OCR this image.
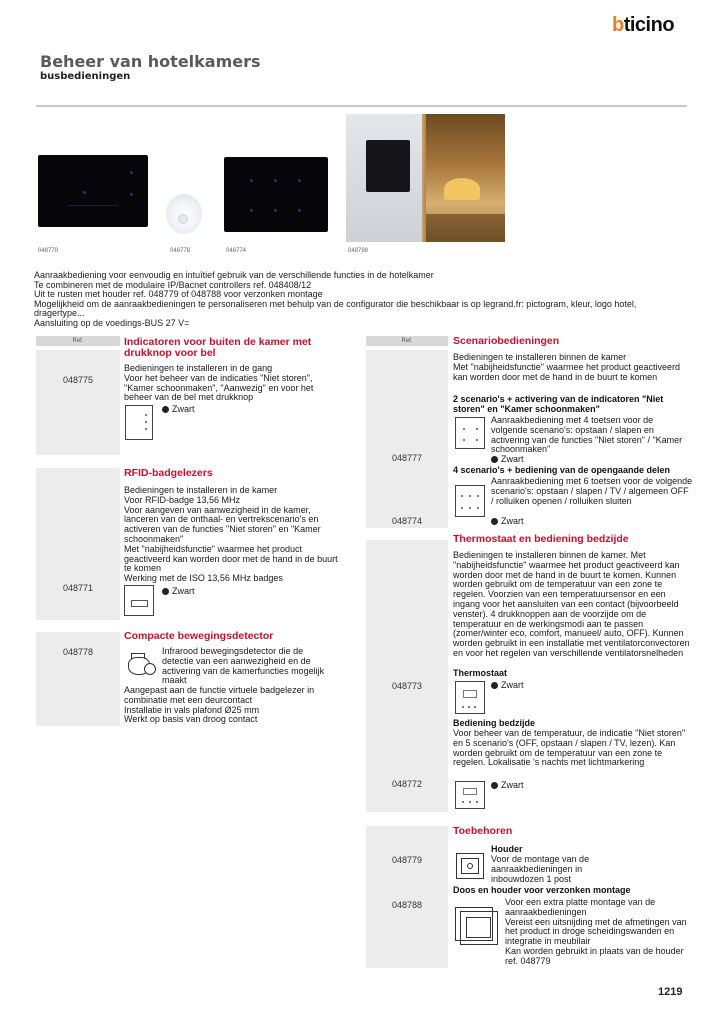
bticino
Beheer van hotelkamers
busbedieningen
048770	048778	048774	048798
Aanraakbediening voor eenvoudig en intuïtief gebruik van de verschillende functies in de hotelkamer
Te combineren met de modulaire IP/Bacnet controllers ref. 048408/12
Uit te rusten met houder ref. 048779 of 048788 voor verzonken montage
Mogelijkheid om de aanraakbedieningen te personaliseren met behulp van de configurator die beschikbaar is op legrand.fr: pictogram, kleur, logo hotel, dragertype...
Aansluiting op de voedings-BUS 27 V=
Ref.
048775
Indicatoren voor buiten de kamer met drukknop voor bel
Bedieningen te installeren in de gang
Voor het beheer van de indicaties "Niet storen", "Kamer schoonmaken", "Aanwezig" en voor het beheer van de bel met drukknop
Zwart
048771
RFID-badgelezers
Bedieningen te installeren in de kamer
Voor RFID-badge 13,56 MHz
Voor aangeven van aanwezigheid in de kamer, lanceren van de onthaal- en vertrekscenario's en activeren van de functies "Niet storen" en "Kamer schoonmaken"
Met "nabijheidsfunctie" waarmee het product geactiveerd kan worden door met de hand in de buurt te komen
Werking met de ISO 13,56 MHz badges
Zwart
048778
Compacte bewegingsdetector
Infrarood bewegingsdetector die de detectie van een aanwezigheid en de activering van de kamerfuncties mogelijk maakt
Aangepast aan de functie virtuele badgelezer in combinatie met een deurcontact
Installatie in vals plafond Ø25 mm
Werkt op basis van droog contact
Ref.	Scenariobedieningen
Bedieningen te installeren binnen de kamer
Met "nabijheidsfunctie" waarmee het product geactiveerd kan worden door met de hand in de buurt te komen
2 scenario's + activering van de indicatoren "Niet storen" en "Kamer schoonmaken"
048777
Aanraakbediening met 4 toetsen voor de volgende scenario's: opstaan / slapen en activering van de functies "Niet storen" / "Kamer schoonmaken"
Zwart
4 scenario's + bediening van de opengaande delen
048774
Aanraakbediening met 6 toetsen voor de volgende scenario's: opstaan / slapen / TV / algemeen OFF / rolluiken openen / rolluiken sluiten
Zwart
Thermostaat en bediening bedzijde
Bedieningen te installeren binnen de kamer. Met "nabijheidsfunctie" waarmee het product geactiveerd kan worden door met de hand in de buurt te komen. Kunnen worden gebruikt om de temperatuur van een zone te regelen. Voorzien van een temperatuursensor en een ingang voor het aansluiten van een contact (bijvoorbeeld venster). 4 drukknoppen aan de voorzijde om de temperatuur en de werkingsmodi aan te passen (zomer/winter eco, comfort, manueel/ auto, OFF). Kunnen worden gebruikt in een installatie met ventilatorconvectoren en voor het regelen van verschillende ventilatorsnelheden
Thermostaat
048773	Zwart
Bediening bedzijde
Voor beheer van de temperatuur, de indicatie "Niet storen" en 5 scenario's (OFF, opstaan / slapen / TV, lezen). Kan worden gebruikt om de temperatuur van een zone te regelen. Lokalisatie 's nachts met lichtmarkering
048772	Zwart
Toebehoren
Houder
048779	Voor de montage van de aanraakbedieningen in inbouwdozen 1 post
Doos en houder voor verzonken montage
048788	Voor een extra platte montage van de aanraakbedieningen
Vereist een uitsnijding met de afmetingen van het product in droge scheidingswanden en integratie in meubilair
Kan worden gebruikt in plaats van de houder ref. 048779
1219
